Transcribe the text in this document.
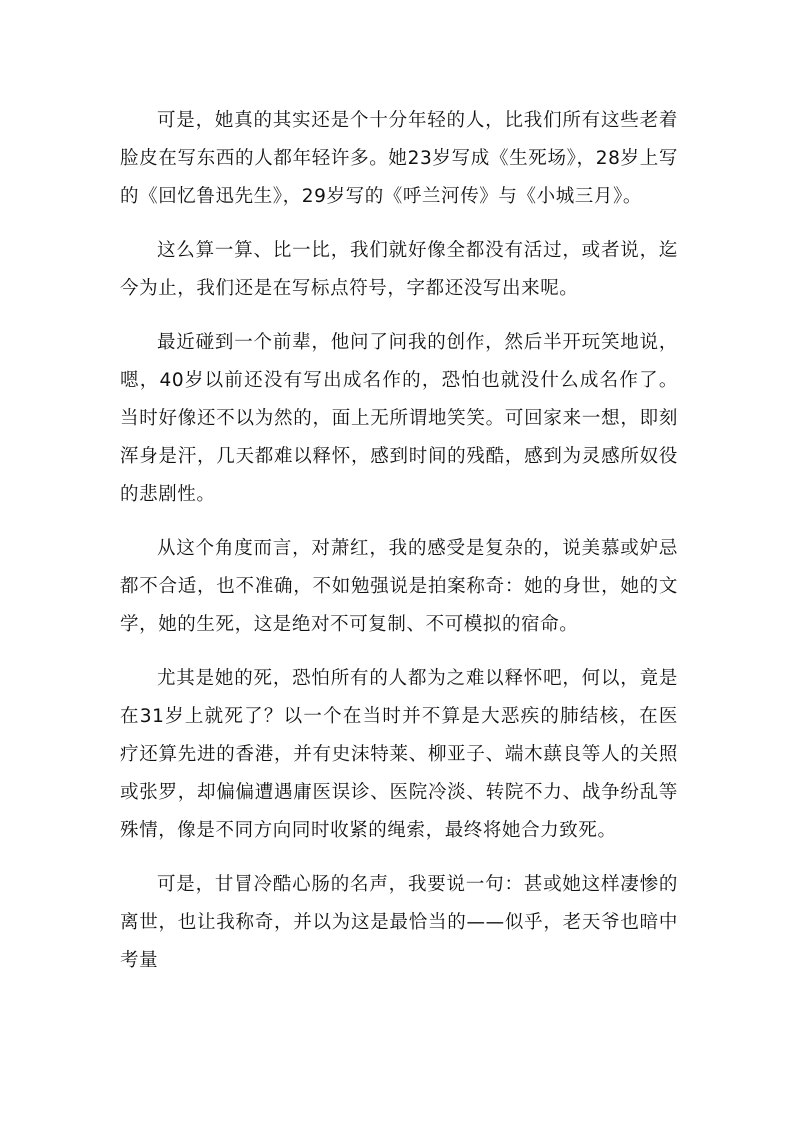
可是，她真的其实还是个十分年轻的人，比我们所有这些老着脸皮在写东西的人都年轻许多。她23岁写成《生死场》，28岁上写的《回忆鲁迅先生》，29岁写的《呼兰河传》与《小城三月》。

这么算一算、比一比，我们就好像全都没有活过，或者说，迄今为止，我们还是在写标点符号，字都还没写出来呢。

最近碰到一个前辈，他问了问我的创作，然后半开玩笑地说，嗯，40岁以前还没有写出成名作的，恐怕也就没什么成名作了。当时好像还不以为然的，面上无所谓地笑笑。可回家来一想，即刻浑身是汗，几天都难以释怀，感到时间的残酷，感到为灵感所奴役的悲剧性。

从这个角度而言，对萧红，我的感受是复杂的，说美慕或妒忌都不合适，也不准确，不如勉强说是拍案称奇：她的身世，她的文学，她的生死，这是绝对不可复制、不可模拟的宿命。

尤其是她的死，恐怕所有的人都为之难以释怀吧，何以，竟是在31岁上就死了？以一个在当时并不算是大恶疾的肺结核，在医疗还算先进的香港，并有史沫特莱、柳亚子、端木蕻良等人的关照或张罗，却偏偏遭遇庸医误诊、医院冷淡、转院不力、战争纷乱等殊情，像是不同方向同时收紧的绳索，最终将她合力致死。

可是，甘冒冷酷心肠的名声，我要说一句：甚或她这样凄惨的离世，也让我称奇，并以为这是最恰当的——似乎，老天爷也暗中考量
